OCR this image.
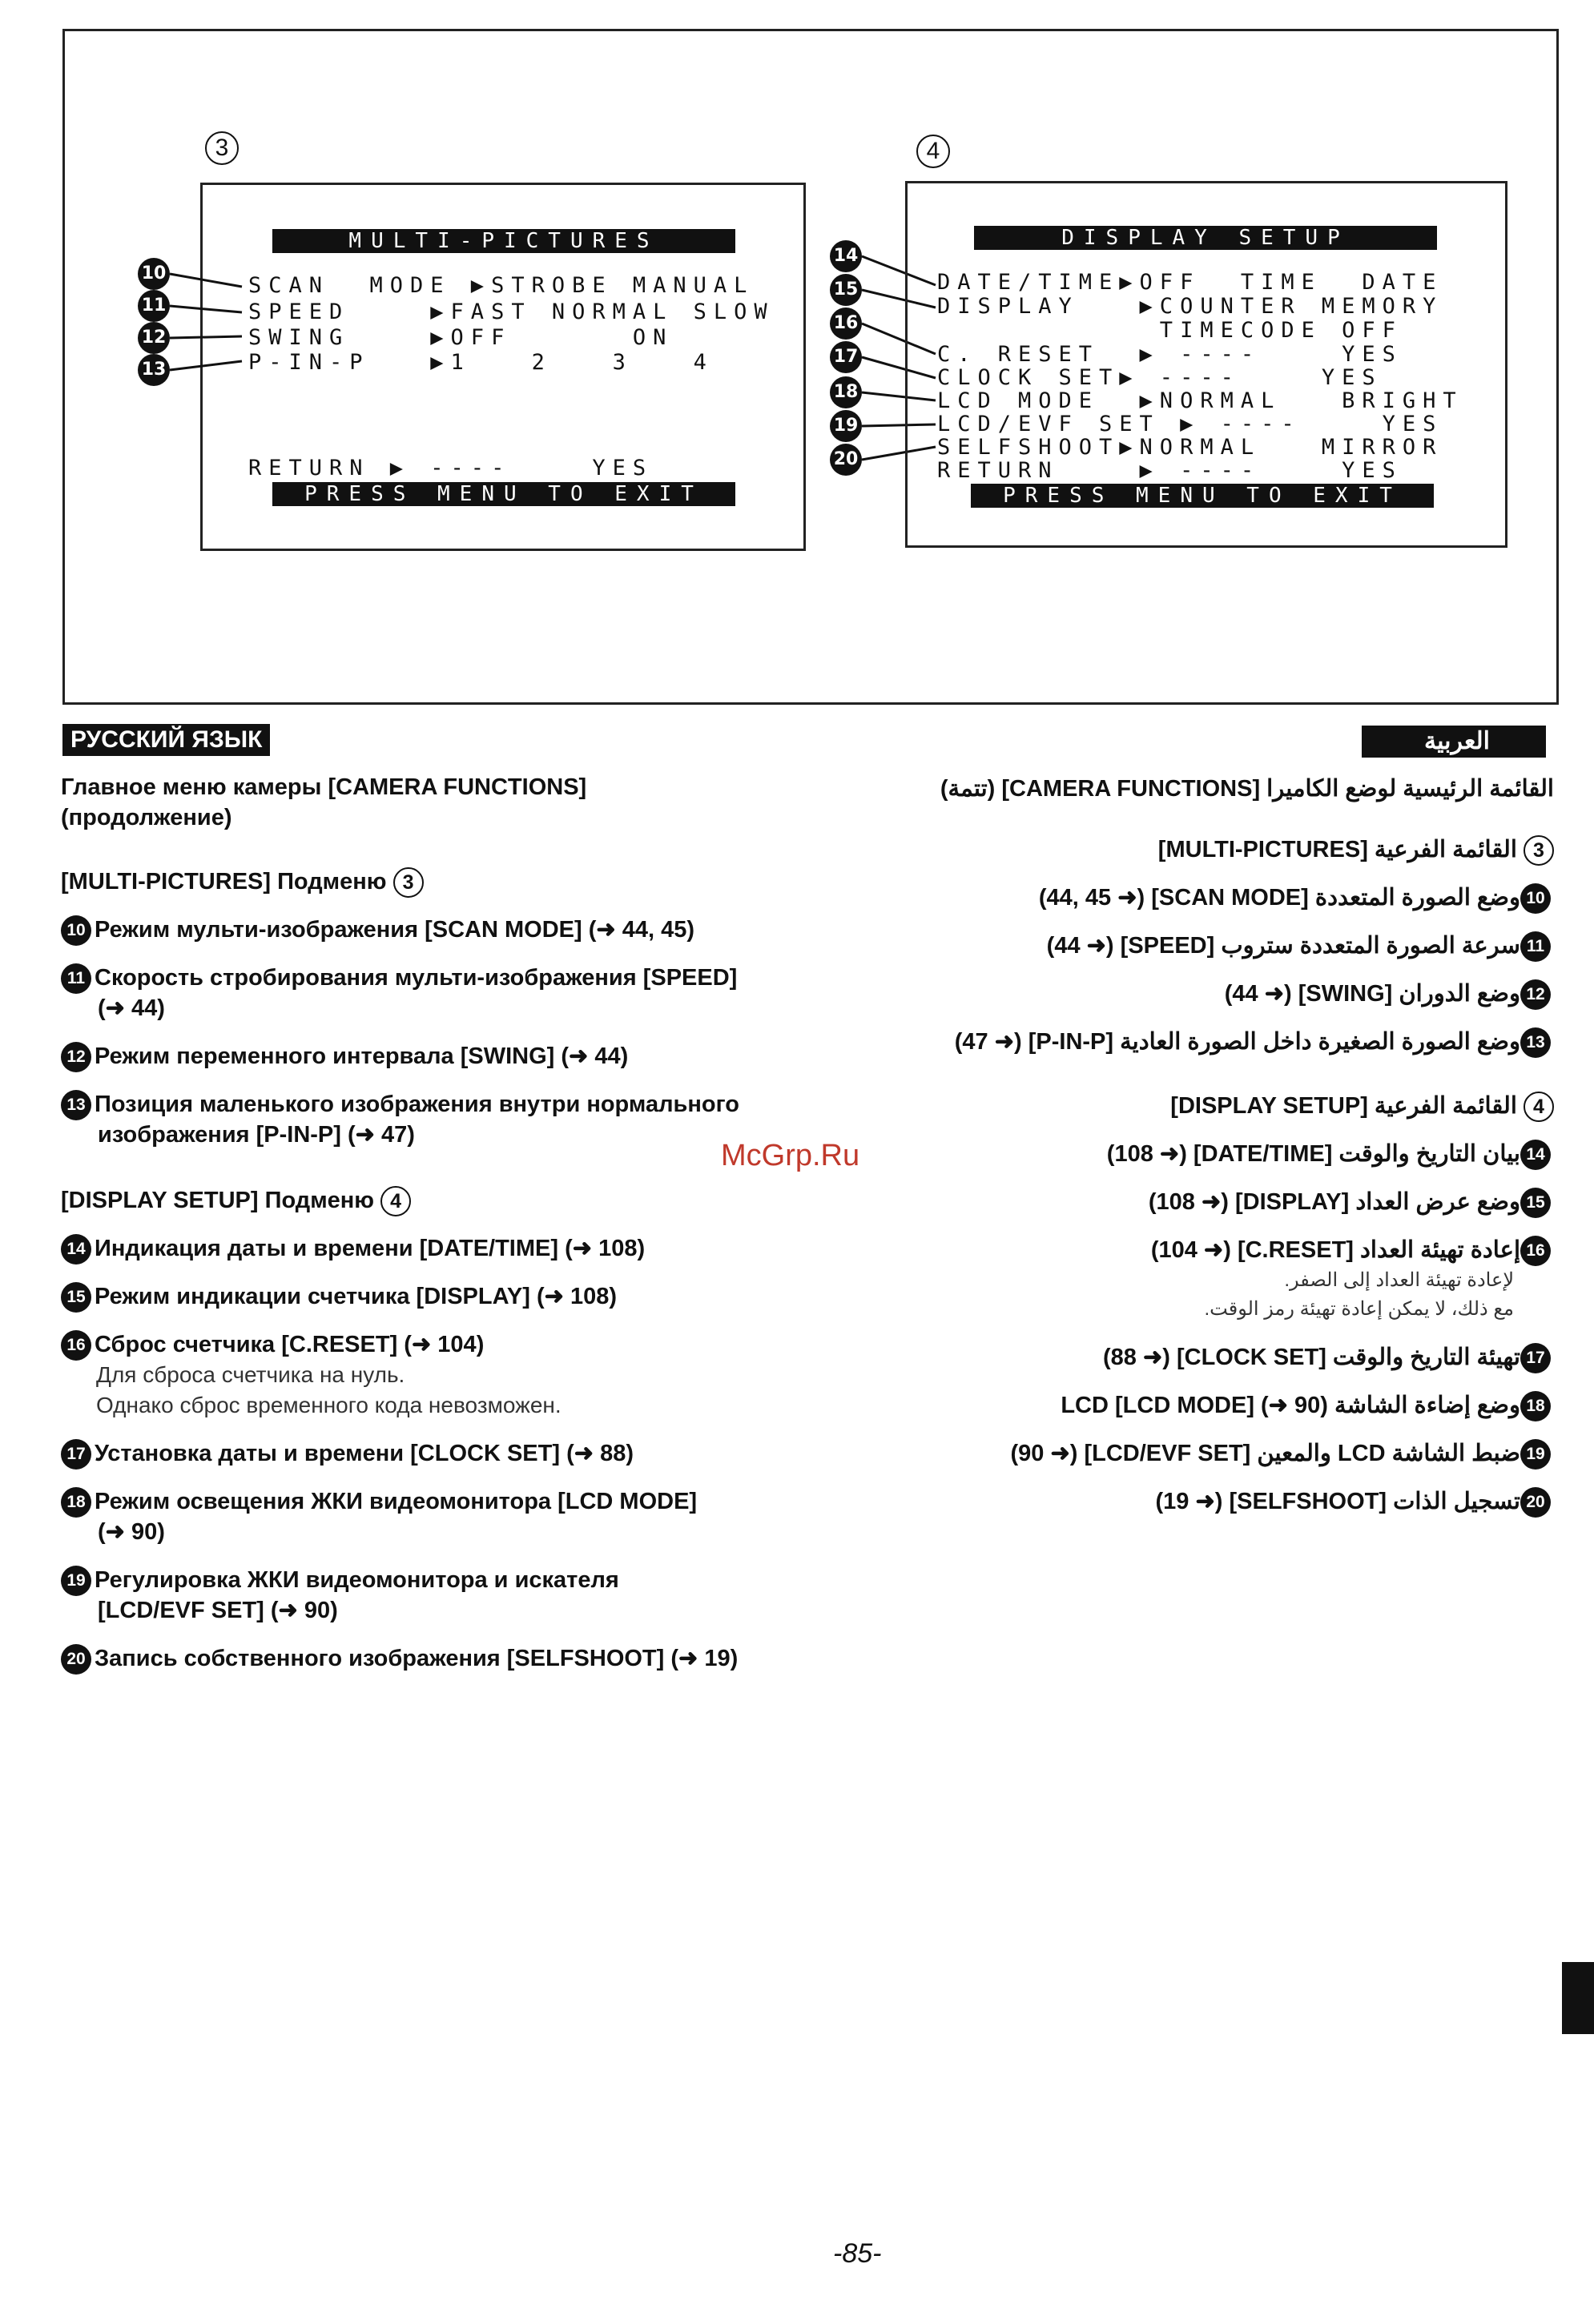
3
MULTI-PICTURES
SCAN  MODE ▶STROBE MANUAL
SPEED    ▶FAST NORMAL SLOW
SWING    ▶OFF      ON
P-IN-P   ▶1   2   3   4
RETURN ▶ ----    YES
PRESS MENU TO EXIT
10
11
12
13
4
DISPLAY SETUP
DATE/TIME▶OFF  TIME  DATE
DISPLAY   ▶COUNTER MEMORY
TIMECODE OFF
C. RESET  ▶ ----    YES
CLOCK SET▶ ----    YES
LCD MODE  ▶NORMAL   BRIGHT
LCD/EVF SET ▶ ----    YES
SELFSHOOT▶NORMAL   MIRROR
RETURN    ▶ ----    YES
PRESS MENU TO EXIT
14
15
16
17
18
19
20
РУССКИЙ ЯЗЫК
Главное меню камеры [CAMERA FUNCTIONS]
(продолжение)
[MULTI-PICTURES] Подменю 3
10 Режим мульти-изображения [SCAN MODE] (➜ 44, 45)
11 Скорость стробирования мульти-изображения [SPEED]
(➜ 44)
12 Режим переменного интервала [SWING] (➜ 44)
13 Позиция маленького изображения внутри нормального
изображения [P-IN-P] (➜ 47)
[DISPLAY SETUP] Подменю 4
14 Индикация даты и времени [DATE/TIME] (➜ 108)
15 Режим индикации счетчика [DISPLAY] (➜ 108)
16 Сброс счетчика [C.RESET] (➜ 104)
Для сброса счетчика на нуль.
Однако сброс временного кода невозможен.
17 Установка даты и времени [CLOCK SET] (➜ 88)
18 Режим освещения ЖКИ видеомонитора [LCD MODE]
(➜ 90)
19 Регулировка ЖКИ видеомонитора и искателя
[LCD/EVF SET] (➜ 90)
20 Запись собственного изображения [SELFSHOOT] (➜ 19)
McGrp.Ru
العربية
القائمة الرئيسية لوضع الكاميرا [CAMERA FUNCTIONS] (تتمة)
3 القائمة الفرعية [MULTI-PICTURES]
10وضع الصورة المتعددة [SCAN MODE] (➜ 44, 45)
11سرعة الصورة المتعددة ستروب [SPEED] (➜ 44)
12وضع الدوران [SWING] (➜ 44)
13وضع الصورة الصغيرة داخل الصورة العادية [P-IN-P] (➜ 47)
4 القائمة الفرعية [DISPLAY SETUP]
14بيان التاريخ والوقت [DATE/TIME] (➜ 108)
15وضع عرض العداد [DISPLAY] (➜ 108)
16إعادة تهيئة العداد [C.RESET] (➜ 104)
لإعادة تهيئة العداد إلى الصفر.
مع ذلك، لا يمكن إعادة تهيئة رمز الوقت.
17تهيئة التاريخ والوقت [CLOCK SET] (➜ 88)
18وضع إضاءة الشاشة LCD [LCD MODE] (➜ 90)
19ضبط الشاشة LCD والمعين [LCD/EVF SET] (➜ 90)
20تسجيل الذات [SELFSHOOT] (➜ 19)
-85-
